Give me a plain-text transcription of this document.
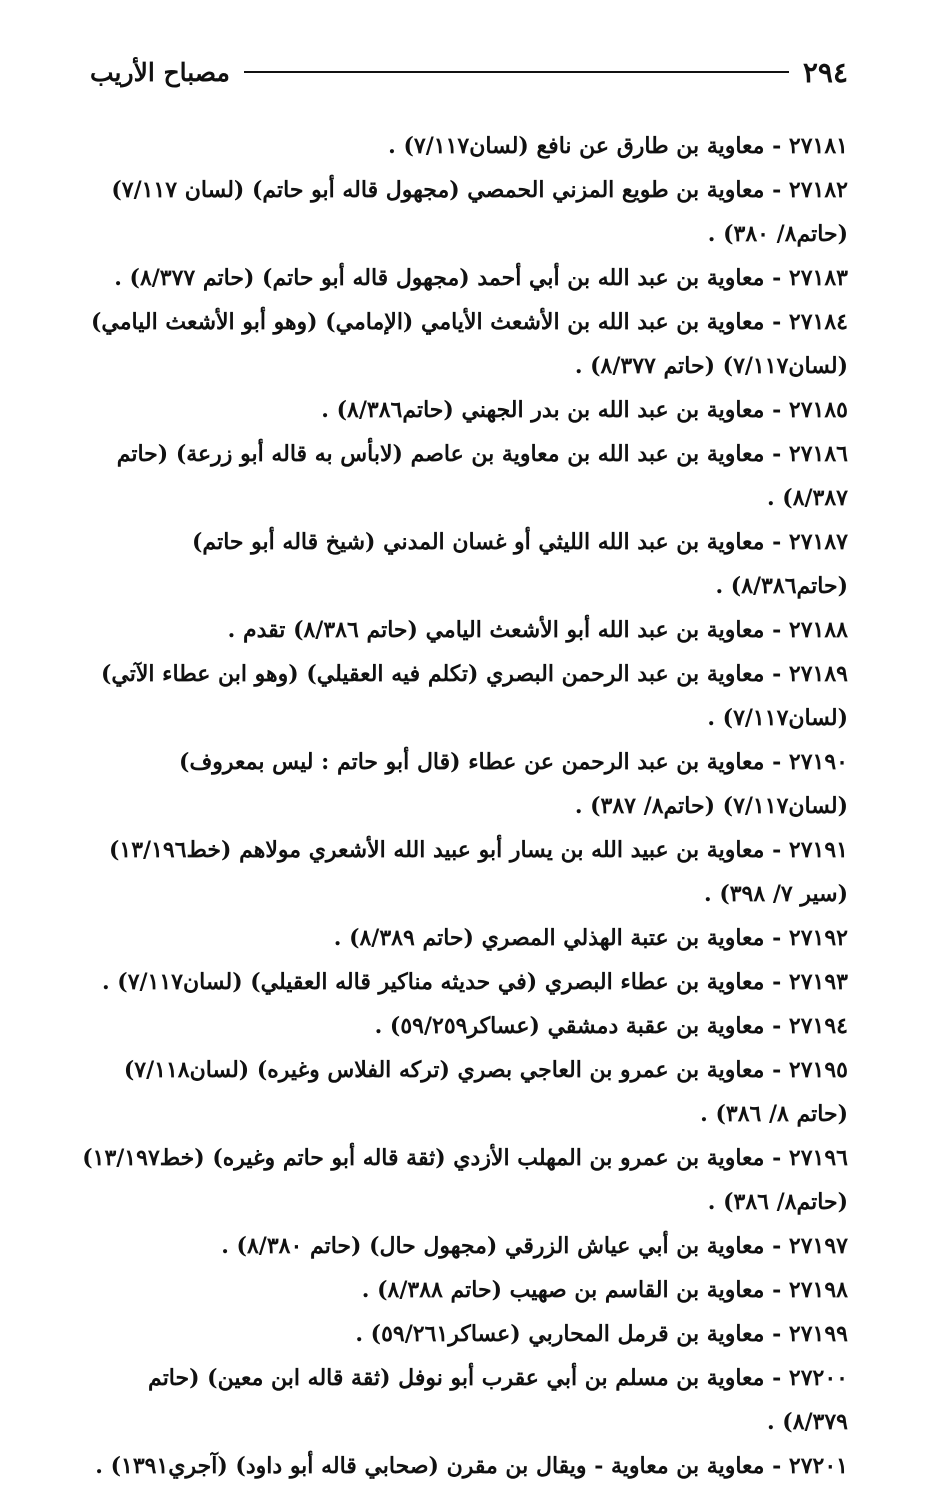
٢٩٤
مصباح الأريب

٢٧١٨١ - معاوية بن طارق عن نافع (لسان٧/١١٧) .

٢٧١٨٢ - معاوية بن طويع المزني الحمصي (مجهول قاله أبو حاتم) (لسان ٧/١١٧) (حاتم٨/ ٣٨٠) .

٢٧١٨٣ - معاوية بن عبد الله بن أبي أحمد (مجهول قاله أبو حاتم) (حاتم ٨/٣٧٧) .

٢٧١٨٤ - معاوية بن عبد الله بن الأشعث الأيامي (الإمامي) (وهو أبو الأشعث اليامي) (لسان٧/١١٧) (حاتم ٨/٣٧٧) .

٢٧١٨٥ - معاوية بن عبد الله بن بدر الجهني (حاتم٨/٣٨٦) .

٢٧١٨٦ - معاوية بن عبد الله بن معاوية بن عاصم (لابأس به قاله أبو زرعة) (حاتم ٨/٣٨٧) .

٢٧١٨٧ - معاوية بن عبد الله الليثي أو غسان المدني (شيخ قاله أبو حاتم) (حاتم٨/٣٨٦) .

٢٧١٨٨ - معاوية بن عبد الله أبو الأشعث اليامي (حاتم ٨/٣٨٦) تقدم .

٢٧١٨٩ - معاوية بن عبد الرحمن البصري (تكلم فيه العقيلي) (وهو ابن عطاء الآتي) (لسان٧/١١٧) .

٢٧١٩٠ - معاوية بن عبد الرحمن عن عطاء (قال أبو حاتم : ليس بمعروف) (لسان٧/١١٧) (حاتم٨/ ٣٨٧) .

٢٧١٩١ - معاوية بن عبيد الله بن يسار أبو عبيد الله الأشعري مولاهم (خط١٣/١٩٦) (سير ٧/ ٣٩٨) .

٢٧١٩٢ - معاوية بن عتبة الهذلي المصري (حاتم ٨/٣٨٩) .

٢٧١٩٣ - معاوية بن عطاء البصري (في حديثه مناكير قاله العقيلي) (لسان٧/١١٧) .

٢٧١٩٤ - معاوية بن عقبة دمشقي (عساكر٥٩/٢٥٩) .

٢٧١٩٥ - معاوية بن عمرو بن العاجي بصري (تركه الفلاس وغيره) (لسان٧/١١٨) (حاتم ٨/ ٣٨٦) .

٢٧١٩٦ - معاوية بن عمرو بن المهلب الأزدي (ثقة قاله أبو حاتم وغيره) (خط١٣/١٩٧) (حاتم٨/ ٣٨٦) .

٢٧١٩٧ - معاوية بن أبي عياش الزرقي (مجهول حال) (حاتم ٨/٣٨٠) .

٢٧١٩٨ - معاوية بن القاسم بن صهيب (حاتم ٨/٣٨٨) .

٢٧١٩٩ - معاوية بن قرمل المحاربي (عساكر٥٩/٢٦١) .

٢٧٢٠٠ - معاوية بن مسلم بن أبي عقرب أبو نوفل (ثقة قاله ابن معين) (حاتم ٨/٣٧٩) .

٢٧٢٠١ - معاوية بن معاوية - ويقال بن مقرن (صحابي قاله أبو داود) (آجري١٣٩١) .
